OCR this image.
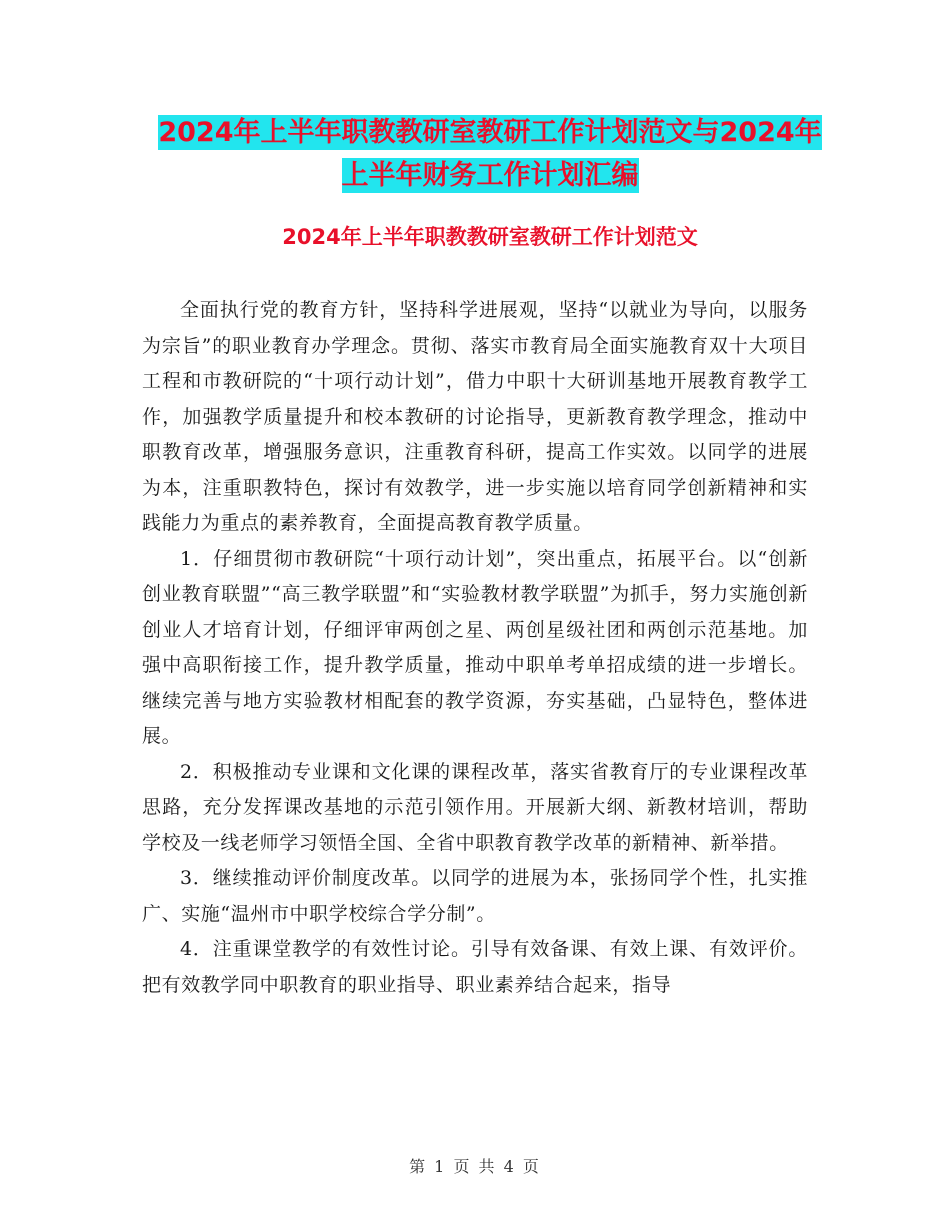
2024年上半年职教教研室教研工作计划范文与2024年
上半年财务工作计划汇编
2024年上半年职教教研室教研工作计划范文

全面执行党的教育方针，坚持科学进展观，坚持“以就业为导向，以服务为宗旨”的职业教育办学理念。贯彻、落实市教育局全面实施教育双十大项目工程和市教研院的“十项行动计划”，借力中职十大研训基地开展教育教学工作，加强教学质量提升和校本教研的讨论指导，更新教育教学理念，推动中职教育改革，增强服务意识，注重教育科研，提高工作实效。以同学的进展为本，注重职教特色，探讨有效教学，进一步实施以培育同学创新精神和实践能力为重点的素养教育，全面提高教育教学质量。

1．仔细贯彻市教研院“十项行动计划”，突出重点，拓展平台。以“创新创业教育联盟”“高三教学联盟”和“实验教材教学联盟”为抓手，努力实施创新创业人才培育计划，仔细评审两创之星、两创星级社团和两创示范基地。加强中高职衔接工作，提升教学质量，推动中职单考单招成绩的进一步增长。继续完善与地方实验教材相配套的教学资源，夯实基础，凸显特色，整体进展。

2．积极推动专业课和文化课的课程改革，落实省教育厅的专业课程改革思路，充分发挥课改基地的示范引领作用。开展新大纲、新教材培训，帮助学校及一线老师学习领悟全国、全省中职教育教学改革的新精神、新举措。

3．继续推动评价制度改革。以同学的进展为本，张扬同学个性，扎实推广、实施“温州市中职学校综合学分制”。

4．注重课堂教学的有效性讨论。引导有效备课、有效上课、有效评价。把有效教学同中职教育的职业指导、职业素养结合起来，指导

第 1 页 共 4 页
